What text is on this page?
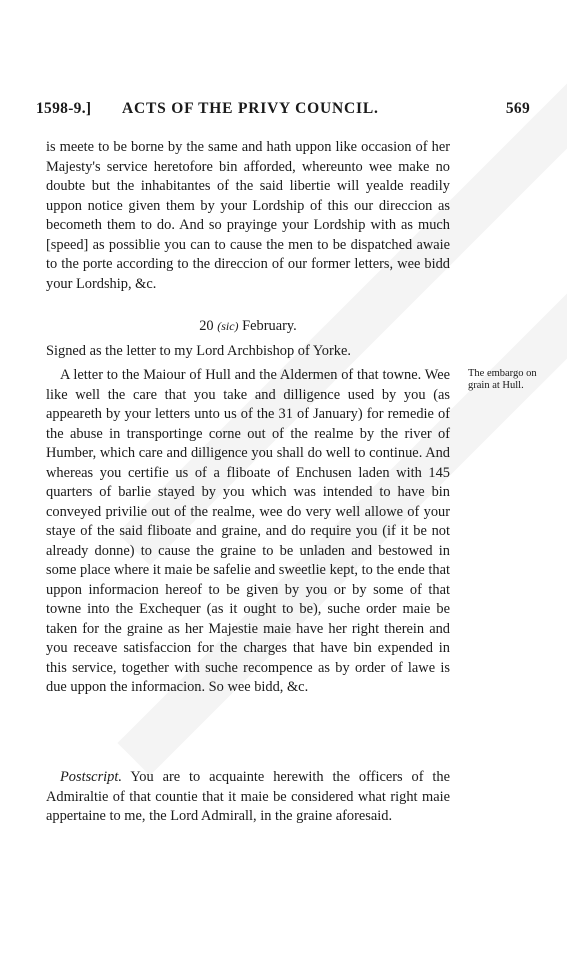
1598-9.] ACTS OF THE PRIVY COUNCIL.	569

is meete to be borne by the same and hath uppon like occasion of her Majesty's service heretofore bin afforded, whereunto wee make no doubte but the inhabitantes of the said libertie will yealde readily uppon notice given them by your Lordship of this our direccion as becometh them to do. And so prayinge your Lordship with as much [speed] as possiblie you can to cause the men to be dispatched awaie to the porte according to the direccion of our former letters, wee bidd your Lordship, &c.

20 (sic) February.

Signed as the letter to my Lord Archbishop of Yorke.

A letter to the Maiour of Hull and the Aldermen of that towne. Wee like well the care that you take and dilligence used by you (as appeareth by your letters unto us of the 31 of January) for remedie of the abuse in transportinge corne out of the realme by the river of Humber, which care and dilligence you shall do well to continue. And whereas you certifie us of a fliboate of Enchusen laden with 145 quarters of barlie stayed by you which was intended to have bin conveyed privilie out of the realme, wee do very well allowe of your staye of the said fliboate and graine, and do require you (if it be not already donne) to cause the graine to be unladen and bestowed in some place where it maie be safelie and sweetlie kept, to the ende that uppon informacion hereof to be given by you or by some of that towne into the Exchequer (as it ought to be), suche order maie be taken for the graine as her Majestie maie have her right therein and you receave satisfaccion for the charges that have bin expended in this service, together with suche recompence as by order of lawe is due uppon the informacion. So wee bidd, &c.

The embargo on grain at Hull.

Postscript. You are to acquainte herewith the officers of the Admiraltie of that countie that it maie be considered what right maie appertaine to me, the Lord Admirall, in the graine aforesaid.
